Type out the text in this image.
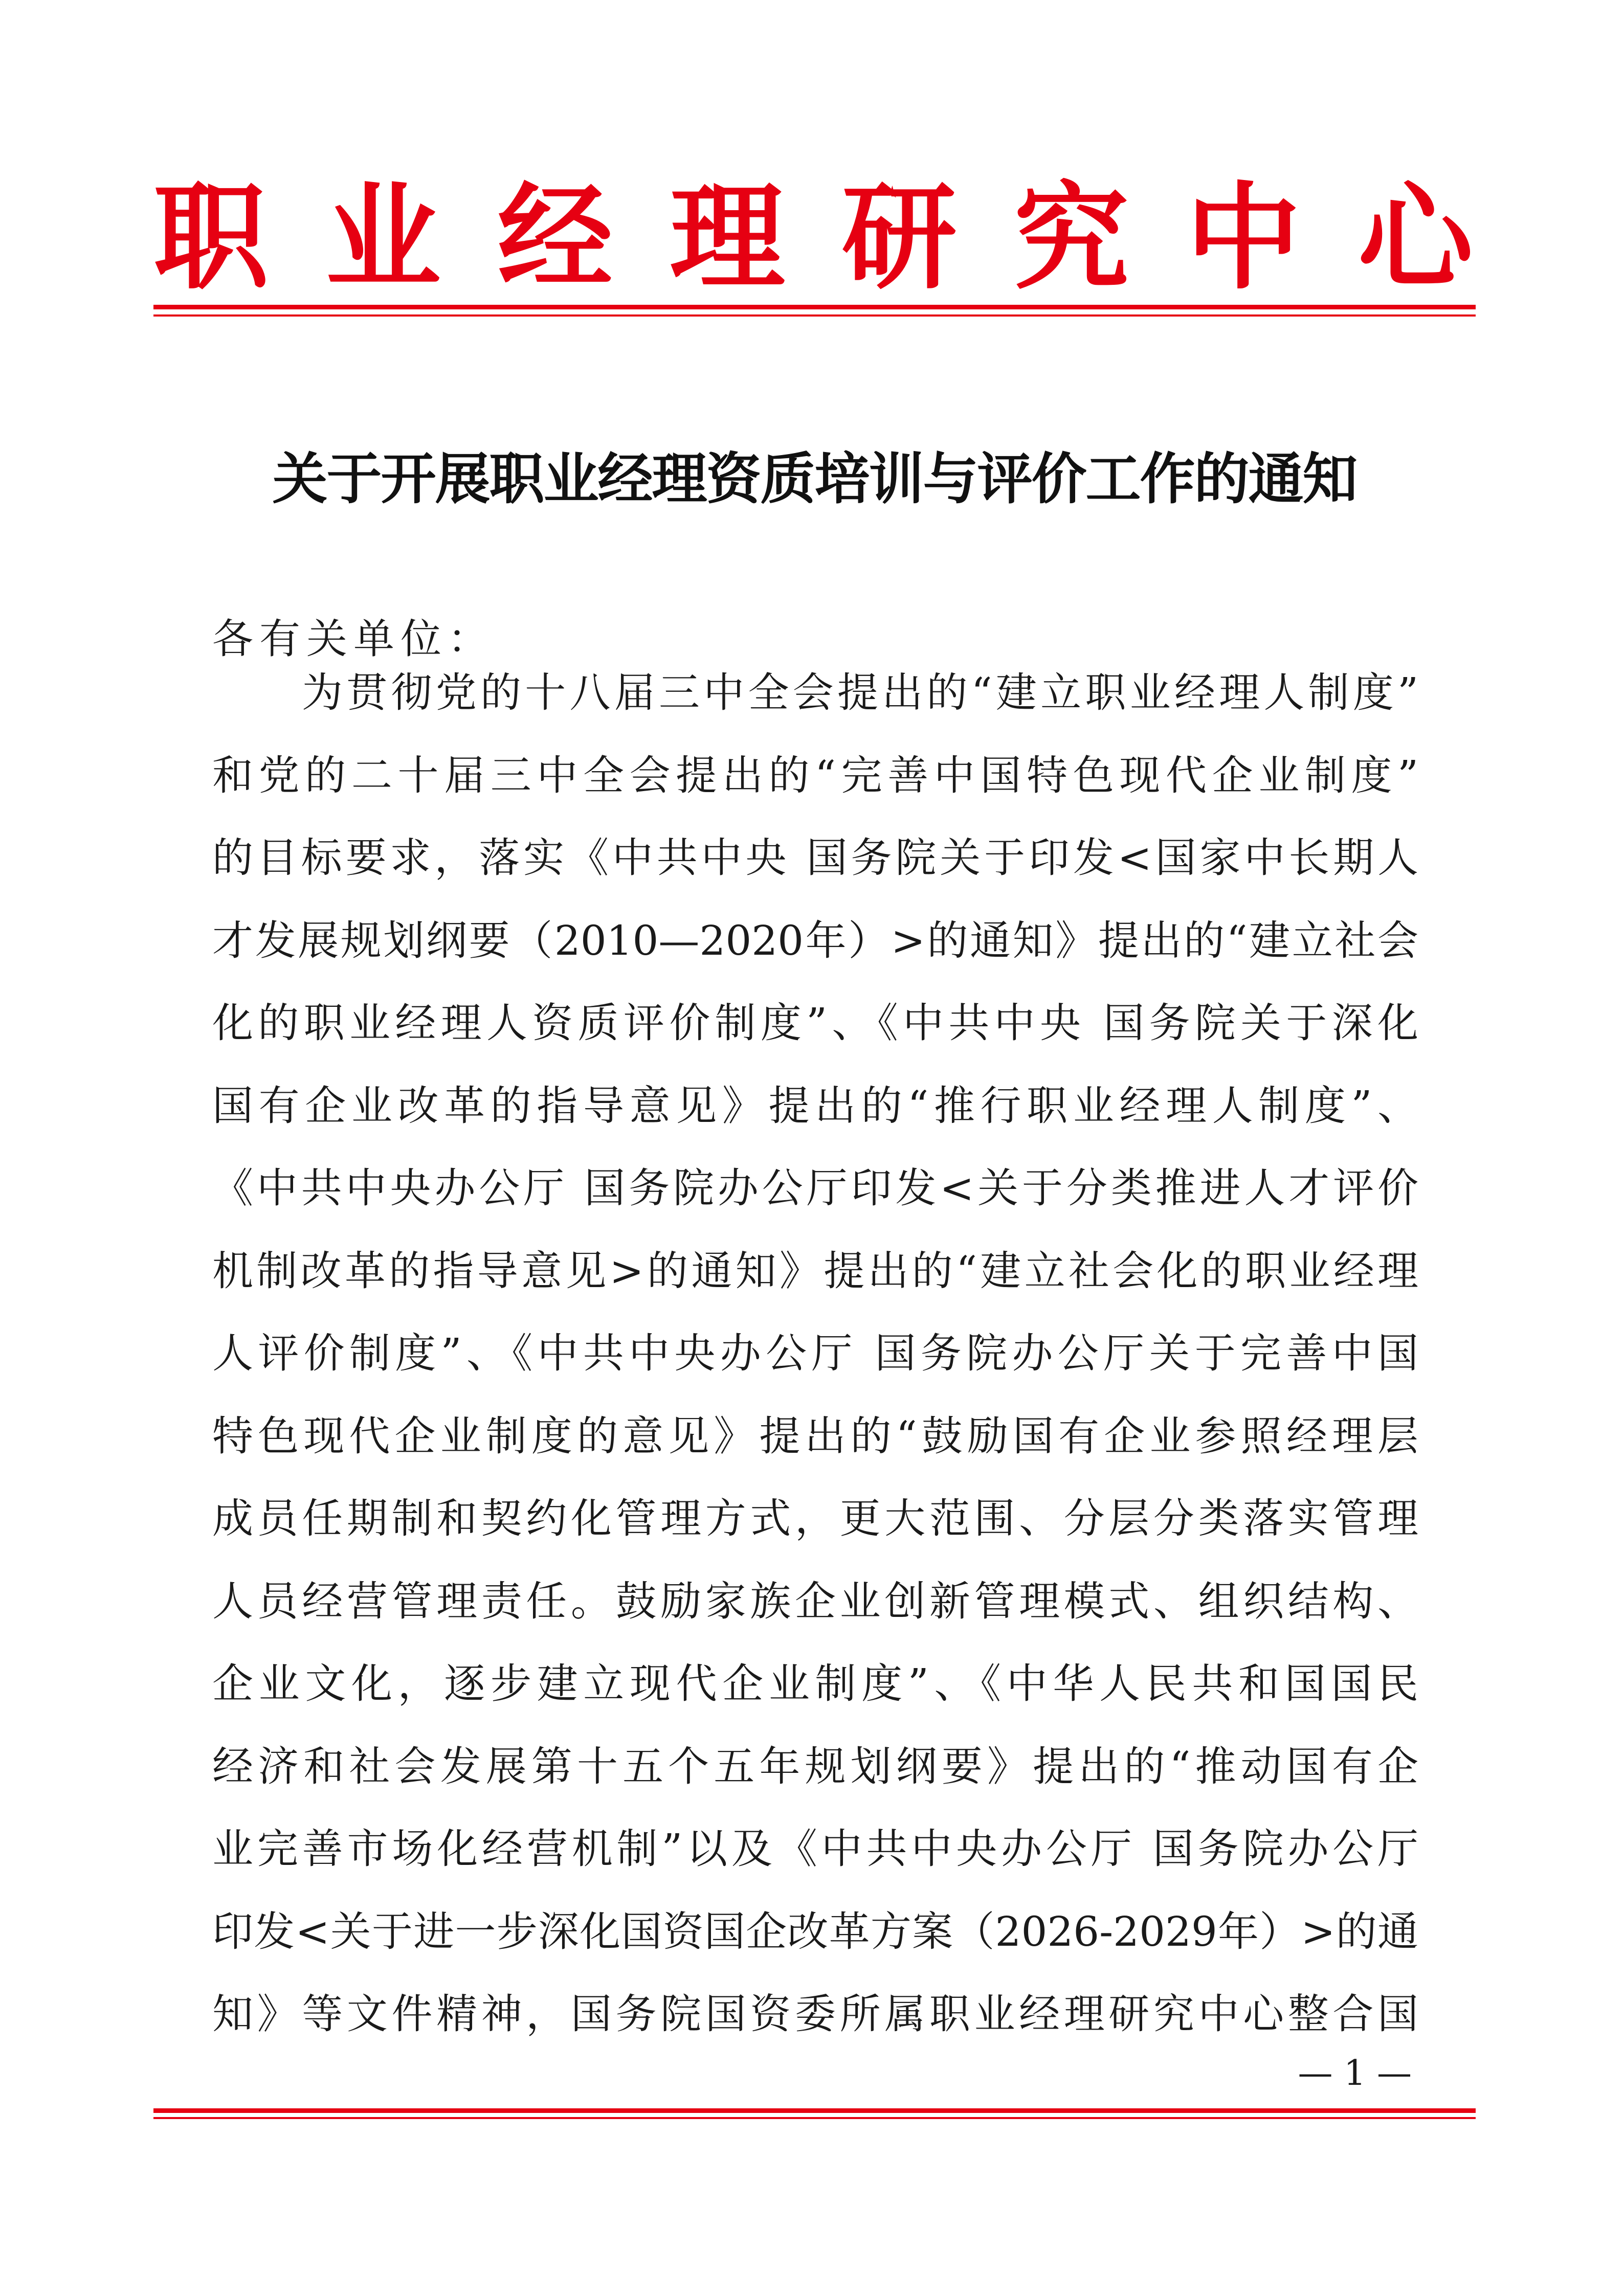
职 业 经 理 研 究 中 心
关于开展职业经理资质培训与评价工作的通知
各有关单位：
为贯彻党的十八届三中全会提出的“建立职业经理人制度”
和党的二十届三中全会提出的“完善中国特色现代企业制度”
的目标要求，落实《中共中央 国务院关于印发<国家中长期人
才发展规划纲要（2010—2020年）>的通知》提出的“建立社会
化的职业经理人资质评价制度”、《中共中央 国务院关于深化
国有企业改革的指导意见》提出的“推行职业经理人制度”、
《中共中央办公厅 国务院办公厅印发<关于分类推进人才评价
机制改革的指导意见>的通知》提出的“建立社会化的职业经理
人评价制度”、《中共中央办公厅 国务院办公厅关于完善中国
特色现代企业制度的意见》提出的“鼓励国有企业参照经理层
成员任期制和契约化管理方式，更大范围、分层分类落实管理
人员经营管理责任。鼓励家族企业创新管理模式、组织结构、
企业文化，逐步建立现代企业制度”、《中华人民共和国国民
经济和社会发展第十五个五年规划纲要》提出的“推动国有企
业完善市场化经营机制”以及《中共中央办公厅 国务院办公厅
印发<关于进一步深化国资国企改革方案（2026-2029年）>的通
— 1 —
知》等文件精神，国务院国资委所属职业经理研究中心整合国
